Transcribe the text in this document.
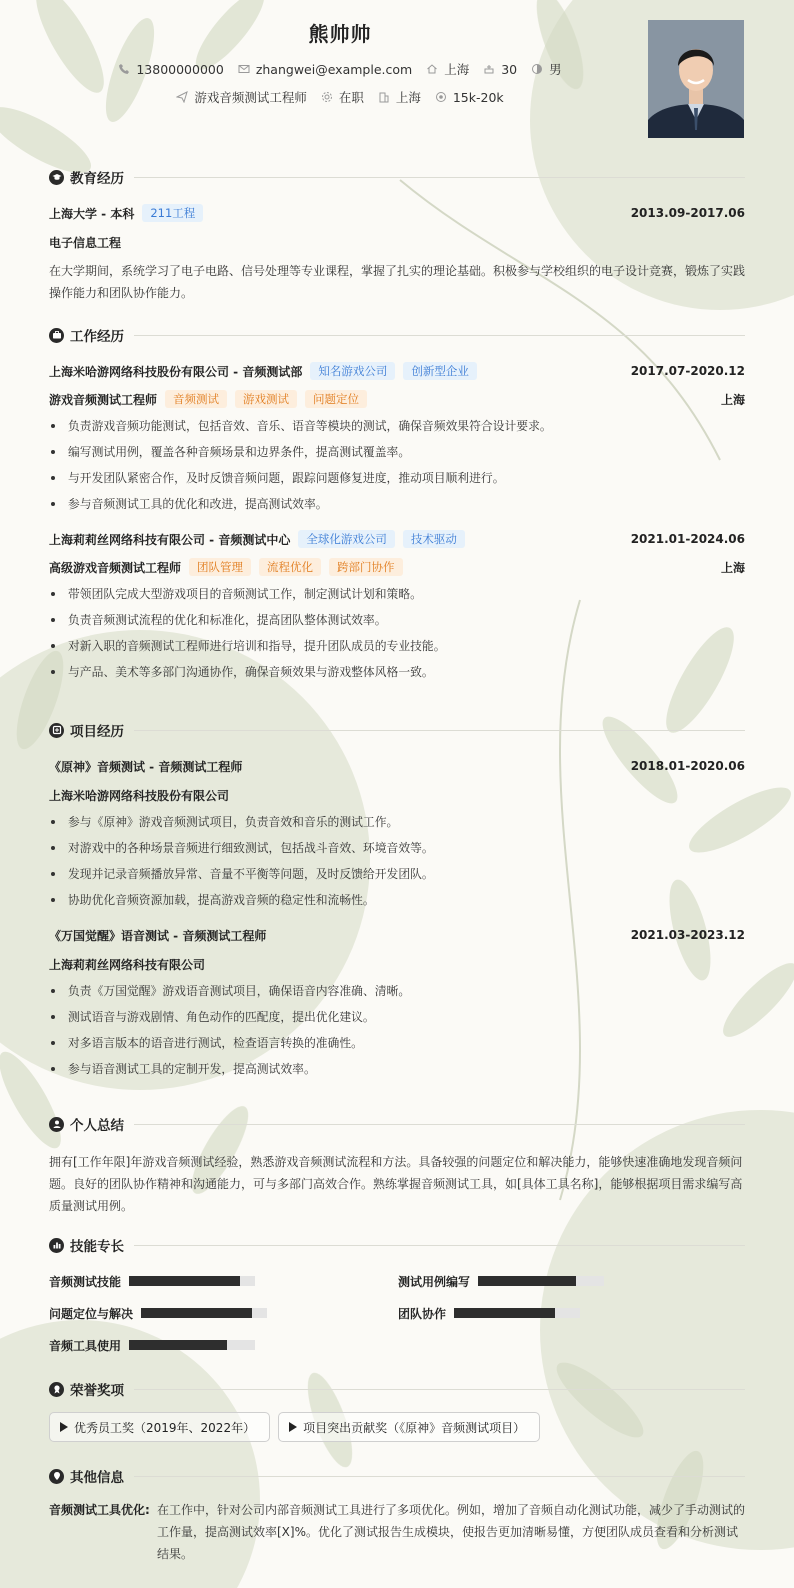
熊帅帅
13800000000	zhangwei@example.com	上海	30	男
游戏音频测试工程师	在职	上海	15k-20k
教育经历
上海大学 - 本科	211工程	2013.09-2017.06
电子信息工程
在大学期间，系统学习了电子电路、信号处理等专业课程，掌握了扎实的理论基础。积极参与学校组织的电子设计竞赛，锻炼了实践操作能力和团队协作能力。
工作经历
上海米哈游网络科技股份有限公司 - 音频测试部	知名游戏公司	创新型企业	2017.07-2020.12
游戏音频测试工程师	音频测试	游戏测试	问题定位	上海
负责游戏音频功能测试，包括音效、音乐、语音等模块的测试，确保音频效果符合设计要求。
编写测试用例，覆盖各种音频场景和边界条件，提高测试覆盖率。
与开发团队紧密合作，及时反馈音频问题，跟踪问题修复进度，推动项目顺利进行。
参与音频测试工具的优化和改进，提高测试效率。
上海莉莉丝网络科技有限公司 - 音频测试中心	全球化游戏公司	技术驱动	2021.01-2024.06
高级游戏音频测试工程师	团队管理	流程优化	跨部门协作	上海
带领团队完成大型游戏项目的音频测试工作，制定测试计划和策略。
负责音频测试流程的优化和标准化，提高团队整体测试效率。
对新入职的音频测试工程师进行培训和指导，提升团队成员的专业技能。
与产品、美术等多部门沟通协作，确保音频效果与游戏整体风格一致。
项目经历
《原神》音频测试 - 音频测试工程师	2018.01-2020.06
上海米哈游网络科技股份有限公司
参与《原神》游戏音频测试项目，负责音效和音乐的测试工作。
对游戏中的各种场景音频进行细致测试，包括战斗音效、环境音效等。
发现并记录音频播放异常、音量不平衡等问题，及时反馈给开发团队。
协助优化音频资源加载，提高游戏音频的稳定性和流畅性。
《万国觉醒》语音测试 - 音频测试工程师	2021.03-2023.12
上海莉莉丝网络科技有限公司
负责《万国觉醒》游戏语音测试项目，确保语音内容准确、清晰。
测试语音与游戏剧情、角色动作的匹配度，提出优化建议。
对多语言版本的语音进行测试，检查语言转换的准确性。
参与语音测试工具的定制开发，提高测试效率。
个人总结
拥有[工作年限]年游戏音频测试经验，熟悉游戏音频测试流程和方法。具备较强的问题定位和解决能力，能够快速准确地发现音频问题。良好的团队协作精神和沟通能力，可与多部门高效合作。熟练掌握音频测试工具，如[具体工具名称]，能够根据项目需求编写高质量测试用例。
技能专长
音频测试技能	测试用例编写
问题定位与解决	团队协作
音频工具使用
荣誉奖项
优秀员工奖（2019年、2022年）	项目突出贡献奖（《原神》音频测试项目）
其他信息
音频测试工具优化: 在工作中，针对公司内部音频测试工具进行了多项优化。例如，增加了音频自动化测试功能，减少了手动测试的工作量，提高测试效率[X]%。优化了测试报告生成模块，使报告更加清晰易懂，方便团队成员查看和分析测试结果。
